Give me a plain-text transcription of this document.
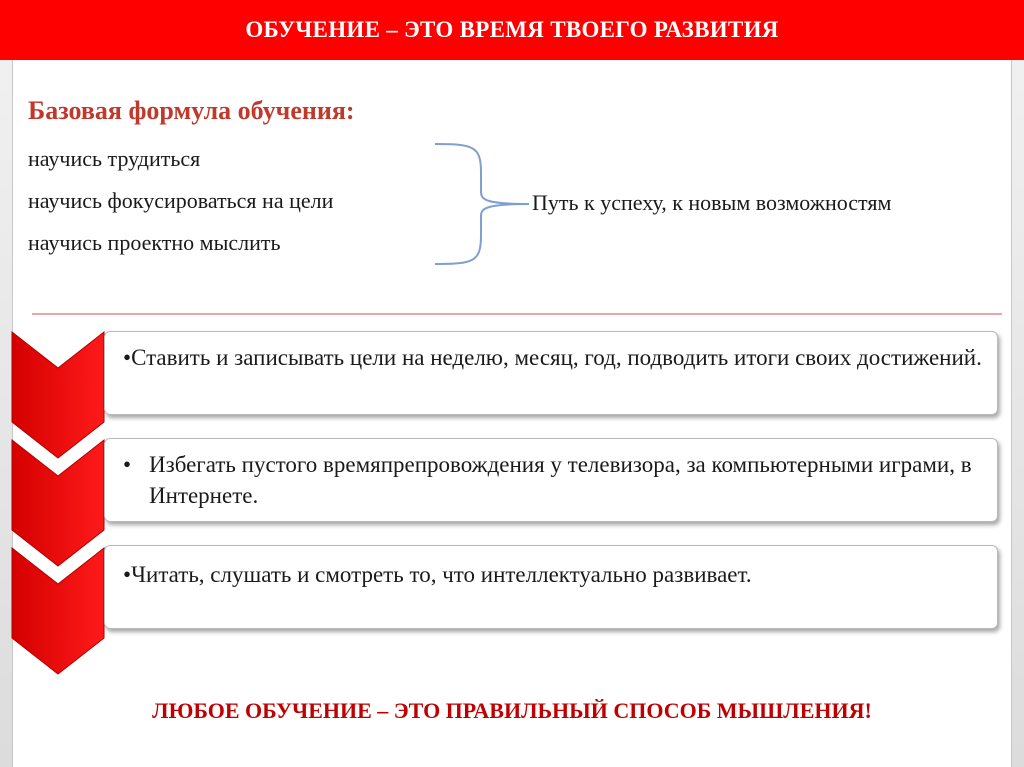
ОБУЧЕНИЕ – ЭТО ВРЕМЯ ТВОЕГО РАЗВИТИЯ
Базовая формула обучения:
научись трудиться
научись фокусироваться на цели
научись проектно мыслить
Путь к успеху, к новым возможностям
•Ставить и записывать цели на неделю, месяц, год, подводить итоги своих достижений.
• Избегать пустого времяпрепровождения у телевизора, за компьютерными играми, в Интернете.
•Читать, слушать и смотреть то, что интеллектуально развивает.
ЛЮБОЕ ОБУЧЕНИЕ – ЭТО ПРАВИЛЬНЫЙ СПОСОБ МЫШЛЕНИЯ!
